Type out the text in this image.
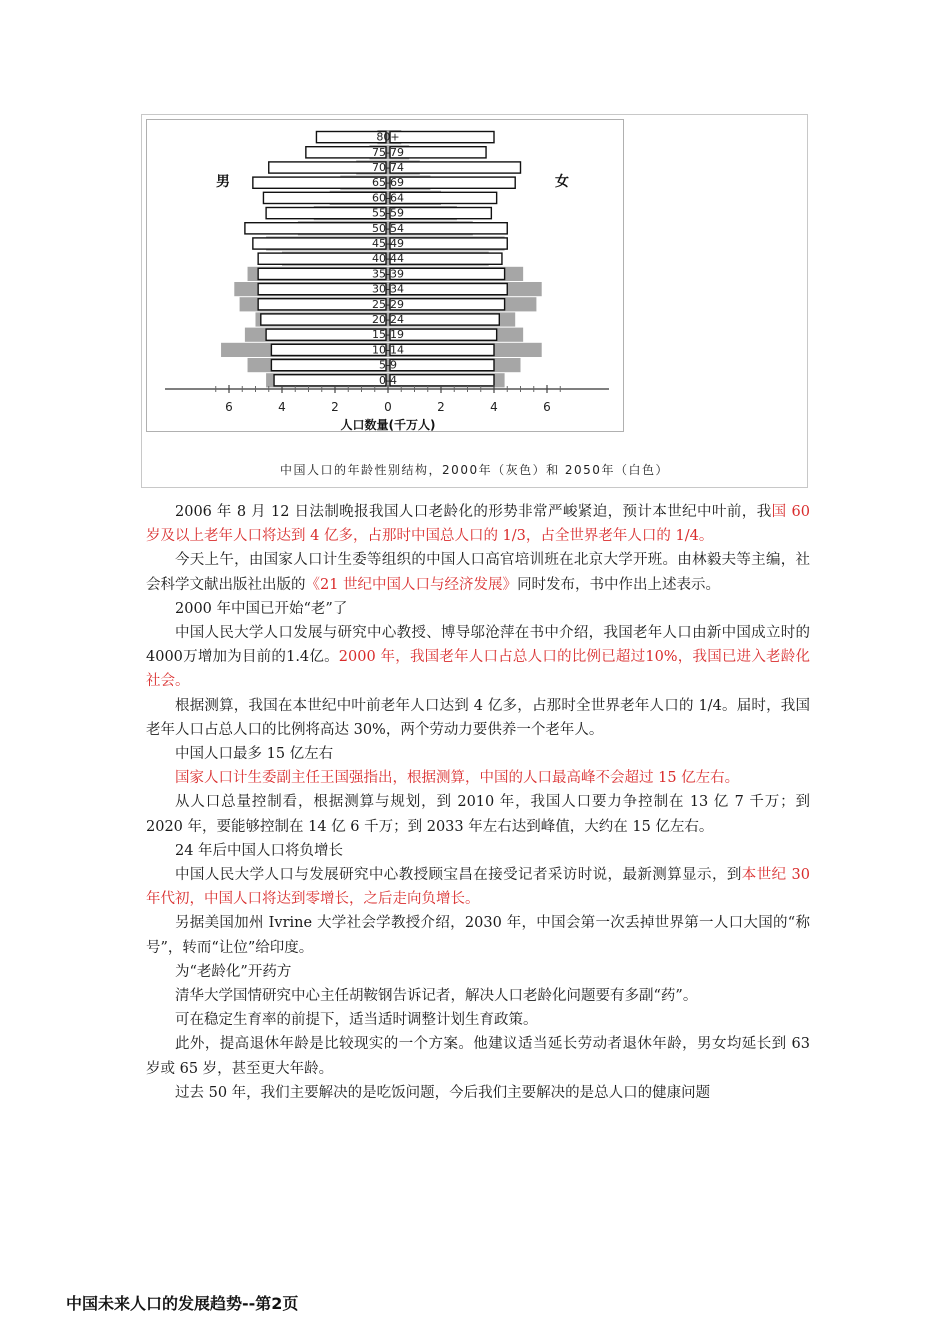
0-4
5-9
10-14
15-19
20-24
25-29
30-34
35-39
40-44
45-49
50-54
55-59
60-64
65-69
70-74
75-79
80+
6	4	2	0	2	4	6
人口数量(千万人)
男	女
中国人口的年龄性别结构，2000年（灰色）和 2050年（白色）

2006 年 8 月 12 日法制晚报我国人口老龄化的形势非常严峻紧迫，预计本世纪中叶前，我国 60 岁及以上老年人口将达到 4 亿多，占那时中国总人口的 1/3，占全世界老年人口的 1/4。

今天上午，由国家人口计生委等组织的中国人口高官培训班在北京大学开班。由林毅夫等主编，社会科学文献出版社出版的《21 世纪中国人口与经济发展》同时发布，书中作出上述表示。

2000 年中国已开始“老”了

中国人民大学人口发展与研究中心教授、博导邬沧萍在书中介绍，我国老年人口由新中国成立时的4000万增加为目前的1.4亿。2000 年，我国老年人口占总人口的比例已超过10%，我国已进入老龄化社会。

根据测算，我国在本世纪中叶前老年人口达到 4 亿多，占那时全世界老年人口的 1/4。届时，我国老年人口占总人口的比例将高达 30%，两个劳动力要供养一个老年人。

中国人口最多 15 亿左右

国家人口计生委副主任王国强指出，根据测算，中国的人口最高峰不会超过 15 亿左右。

从人口总量控制看，根据测算与规划，到 2010 年，我国人口要力争控制在 13 亿 7 千万；到 2020 年，要能够控制在 14 亿 6 千万；到 2033 年左右达到峰值，大约在 15 亿左右。

24 年后中国人口将负增长

中国人民大学人口与发展研究中心教授顾宝昌在接受记者采访时说，最新测算显示，到本世纪 30 年代初，中国人口将达到零增长，之后走向负增长。

另据美国加州 Ivrine 大学社会学教授介绍，2030 年，中国会第一次丢掉世界第一人口大国的“称号”，转而“让位”给印度。

为“老龄化”开药方

清华大学国情研究中心主任胡鞍钢告诉记者，解决人口老龄化问题要有多副“药”。

可在稳定生育率的前提下，适当适时调整计划生育政策。

此外，提高退休年龄是比较现实的一个方案。他建议适当延长劳动者退休年龄，男女均延长到 63 岁或 65 岁，甚至更大年龄。

过去 50 年，我们主要解决的是吃饭问题，今后我们主要解决的是总人口的健康问题

中国未来人口的发展趋势--第2页
